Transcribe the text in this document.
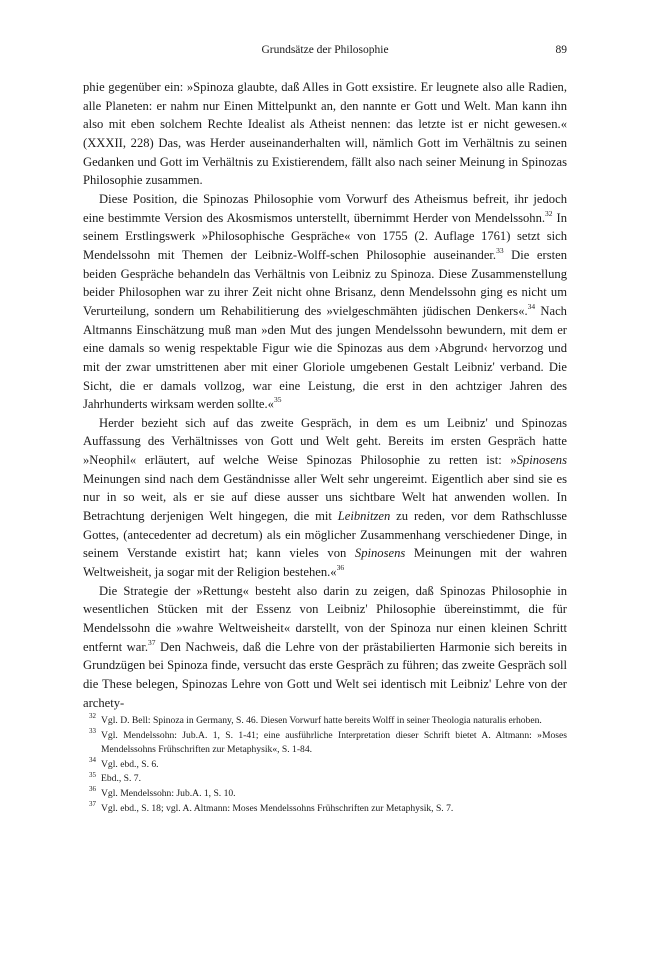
Grundsätze der Philosophie	89

phie gegenüber ein: »Spinoza glaubte, daß Alles in Gott exsistire. Er leugnete also alle Radien, alle Planeten: er nahm nur Einen Mittelpunkt an, den nannte er Gott und Welt. Man kann ihn also mit eben solchem Rechte Idealist als Atheist nennen: das letzte ist er nicht gewesen.« (XXXII, 228) Das, was Herder auseinanderhalten will, nämlich Gott im Verhältnis zu seinen Gedanken und Gott im Verhältnis zu Existierendem, fällt also nach seiner Meinung in Spinozas Philosophie zusammen.

Diese Position, die Spinozas Philosophie vom Vorwurf des Atheismus befreit, ihr jedoch eine bestimmte Version des Akosmismos unterstellt, übernimmt Herder von Mendelssohn.$^{32}$ In seinem Erstlingswerk »Philosophische Gespräche« von 1755 (2. Auflage 1761) setzt sich Mendelssohn mit Themen der Leibniz-Wolff-schen Philosophie auseinander.$^{33}$ Die ersten beiden Gespräche behandeln das Verhältnis von Leibniz zu Spinoza. Diese Zusammenstellung beider Philosophen war zu ihrer Zeit nicht ohne Brisanz, denn Mendelssohn ging es nicht um Verurteilung, sondern um Rehabilitierung des »vielgeschmähten jüdischen Denkers«.$^{34}$ Nach Altmanns Einschätzung muß man »den Mut des jungen Mendelssohn bewundern, mit dem er eine damals so wenig respektable Figur wie die Spinozas aus dem ›Abgrund‹ hervorzog und mit der zwar umstrittenen aber mit einer Gloriole umgebenen Gestalt Leibniz' verband. Die Sicht, die er damals vollzog, war eine Leistung, die erst in den achtziger Jahren des Jahrhunderts wirksam werden sollte.«$^{35}$

Herder bezieht sich auf das zweite Gespräch, in dem es um Leibniz' und Spinozas Auffassung des Verhältnisses von Gott und Welt geht. Bereits im ersten Gespräch hatte »Neophil« erläutert, auf welche Weise Spinozas Philosophie zu retten ist: »Spinosens Meinungen sind nach dem Geständnisse aller Welt sehr ungereimt. Eigentlich aber sind sie es nur in so weit, als er sie auf diese ausser uns sichtbare Welt hat anwenden wollen. In Betrachtung derjenigen Welt hingegen, die mit Leibnitzen zu reden, vor dem Rathschlusse Gottes, (antecedenter ad decretum) als ein möglicher Zusammenhang verschiedener Dinge, in seinem Verstande existirt hat; kann vieles von Spinosens Meinungen mit der wahren Weltweisheit, ja sogar mit der Religion bestehen.«$^{36}$

Die Strategie der »Rettung« besteht also darin zu zeigen, daß Spinozas Philosophie in wesentlichen Stücken mit der Essenz von Leibniz' Philosophie übereinstimmt, die für Mendelssohn die »wahre Weltweisheit« darstellt, von der Spinoza nur einen kleinen Schritt entfernt war.$^{37}$ Den Nachweis, daß die Lehre von der prästabilierten Harmonie sich bereits in Grundzügen bei Spinoza finde, versucht das erste Gespräch zu führen; das zweite Gespräch soll die These belegen, Spinozas Lehre von Gott und Welt sei identisch mit Leibniz' Lehre von der archety-

$^{32}$ Vgl. D. Bell: Spinoza in Germany, S. 46. Diesen Vorwurf hatte bereits Wolff in seiner Theologia naturalis erhoben.

$^{33}$ Vgl. Mendelssohn: Jub.A. 1, S. 1-41; eine ausführliche Interpretation dieser Schrift bietet A. Altmann: »Moses Mendelssohns Frühschriften zur Metaphysik«, S. 1-84.

$^{34}$ Vgl. ebd., S. 6.

$^{35}$ Ebd., S. 7.

$^{36}$ Vgl. Mendelssohn: Jub.A. 1, S. 10.

$^{37}$ Vgl. ebd., S. 18; vgl. A. Altmann: Moses Mendelssohns Frühschriften zur Metaphysik, S. 7.
